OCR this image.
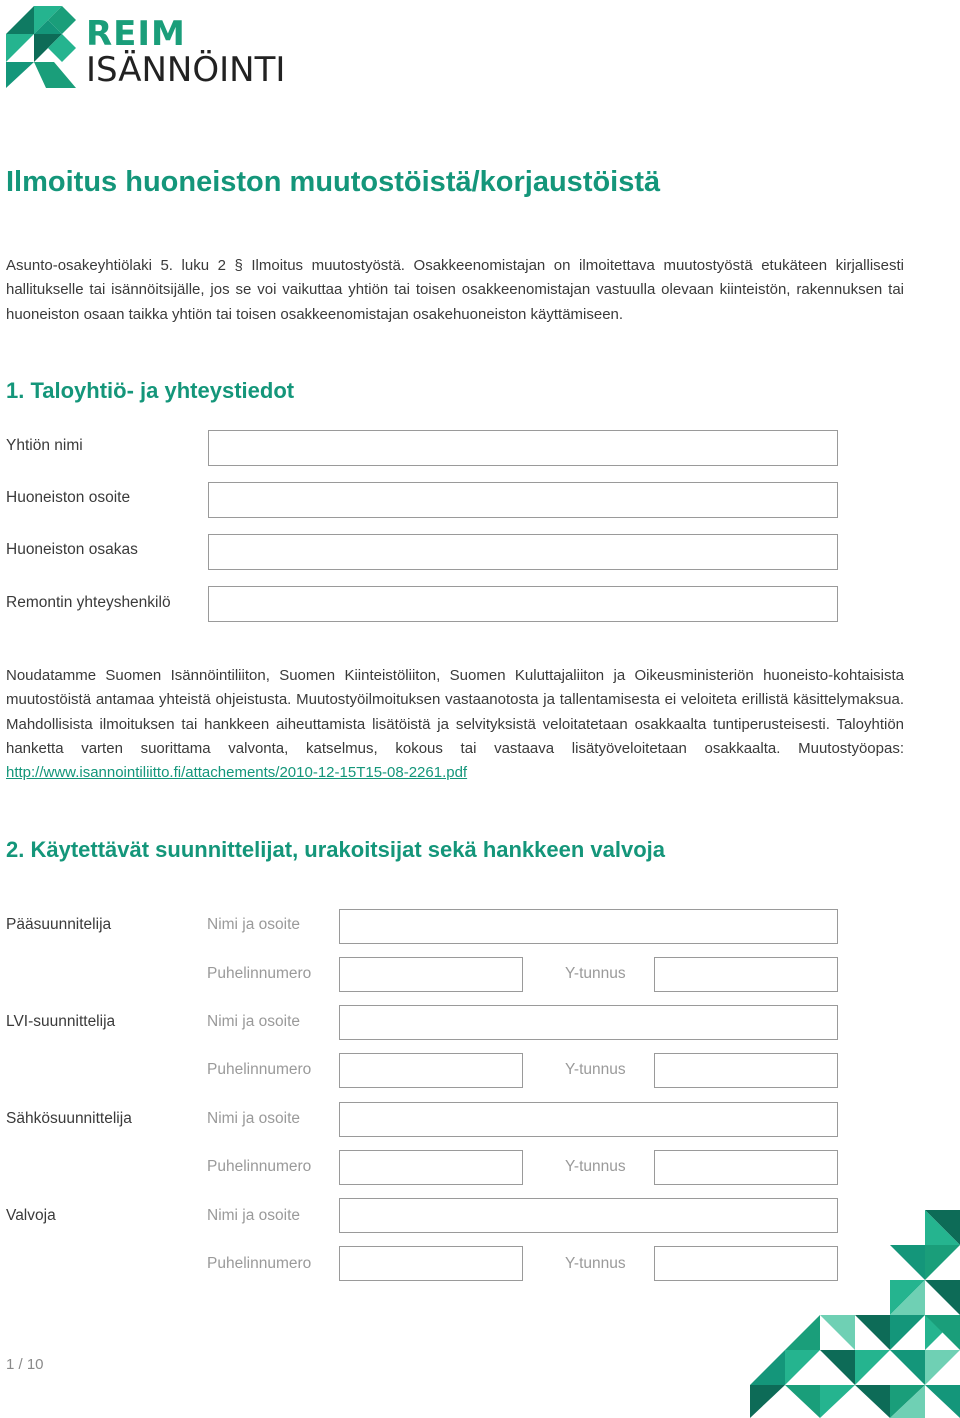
REIM
ISÄNNÖINTI
Ilmoitus huoneiston muutostöistä/korjaustöistä
Asunto-osakeyhtiölaki 5. luku 2 § Ilmoitus muutostyöstä. Osakkeenomistajan on ilmoitettava muutostyöstä etukäteen kirjallisesti hallitukselle tai isännöitsijälle, jos se voi vaikuttaa yhtiön tai toisen osakkeenomistajan vastuulla olevaan kiinteistön, rakennuksen tai huoneiston osaan taikka yhtiön tai toisen osakkeenomistajan osakehuoneiston käyttämiseen.
1. Taloyhtiö- ja yhteystiedot
Yhtiön nimi
Huoneiston osoite
Huoneiston osakas
Remontin yhteyshenkilö
Noudatamme Suomen Isännöintiliiton, Suomen Kiinteistöliiton, Suomen Kuluttajaliiton ja Oikeusministeriön huoneisto-kohtaisista muutostöistä antamaa yhteistä ohjeistusta. Muutostyöilmoituksen vastaanotosta ja tallentamisesta ei veloiteta erillistä käsittelymaksua. Mahdollisista ilmoituksen tai hankkeen aiheuttamista lisätöistä ja selvityksistä veloitatetaan osakkaalta tuntiperusteisesti. Taloyhtiön hanketta varten suorittama valvonta, katselmus, kokous tai vastaava lisätyöveloitetaan osakkaalta. Muutostyöopas: http://www.isannointiliitto.fi/attachements/2010-12-15T15-08-2261.pdf
2. Käytettävät suunnittelijat, urakoitsijat sekä hankkeen valvoja
Pääsuunnitelija	Nimi ja osoite
Puhelinnumero	Y-tunnus
LVI-suunnittelija	Nimi ja osoite
Puhelinnumero	Y-tunnus
Sähkösuunnittelija	Nimi ja osoite
Puhelinnumero	Y-tunnus
Valvoja	Nimi ja osoite
Puhelinnumero	Y-tunnus
1 / 10
